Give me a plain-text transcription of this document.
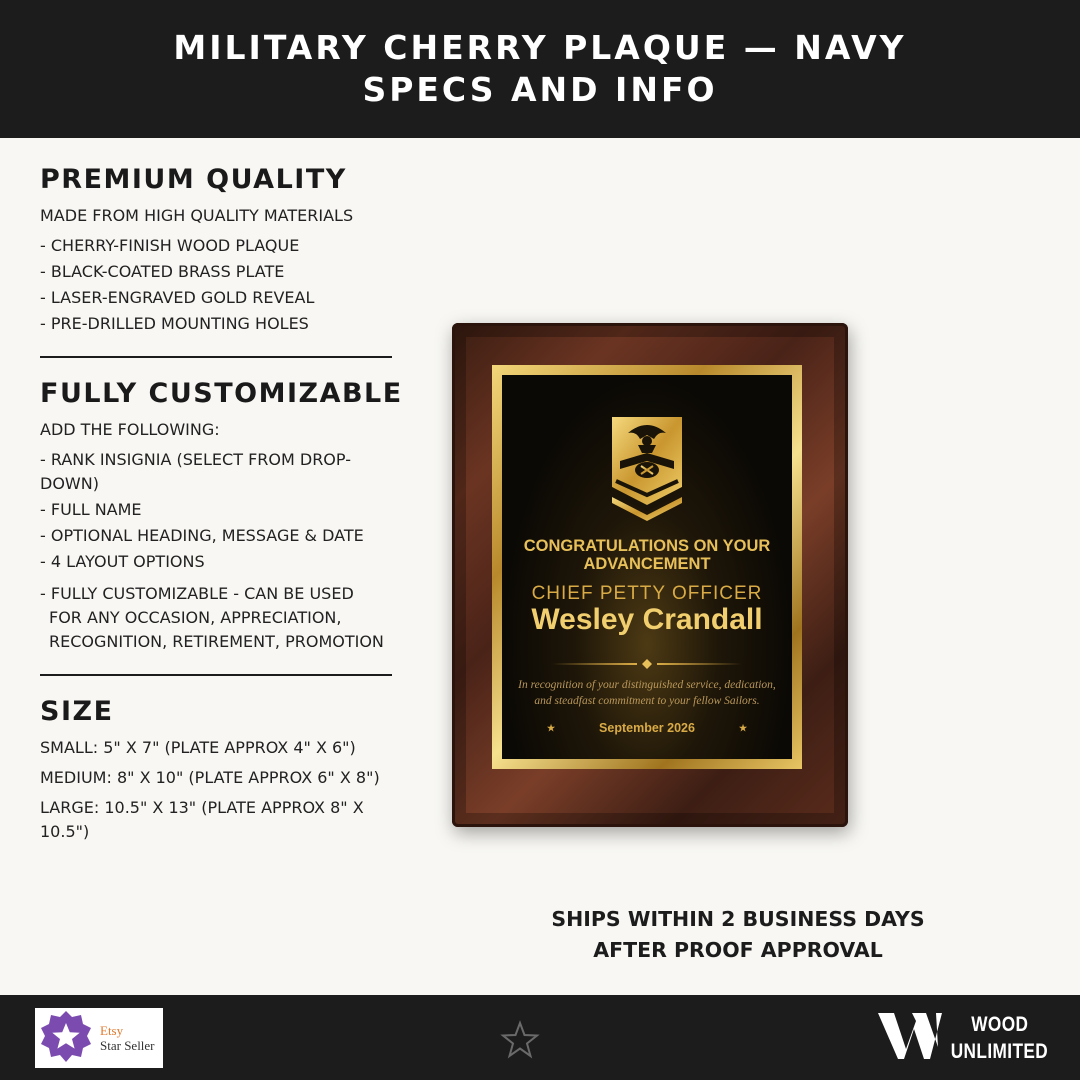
MILITARY CHERRY PLAQUE — NAVY
SPECS AND INFO
PREMIUM QUALITY
MADE FROM HIGH QUALITY MATERIALS
- CHERRY-FINISH WOOD PLAQUE
- BLACK-COATED BRASS PLATE
- LASER-ENGRAVED GOLD REVEAL
- PRE-DRILLED MOUNTING HOLES
FULLY CUSTOMIZABLE
ADD THE FOLLOWING:
- RANK INSIGNIA (SELECT FROM DROP-DOWN)
- FULL NAME
- OPTIONAL HEADING, MESSAGE & DATE
- 4 LAYOUT OPTIONS
- FULLY CUSTOMIZABLE - CAN BE USED
FOR ANY OCCASION, APPRECIATION,
RECOGNITION, RETIREMENT, PROMOTION
SIZE
SMALL: 5" X 7" (PLATE APPROX 4" X 6")
MEDIUM: 8" X 10" (PLATE APPROX 6" X 8")
LARGE: 10.5" X 13" (PLATE APPROX 8" X 10.5")
CONGRATULATIONS ON YOUR
ADVANCEMENT
CHIEF PETTY OFFICER
Wesley Crandall
In recognition of your distinguished service, dedication,
and steadfast commitment to your fellow Sailors.
★	September 2026	★
SHIPS WITHIN 2 BUSINESS DAYS
AFTER PROOF APPROVAL
Etsy
Star Seller
WOOD
UNLIMITED
